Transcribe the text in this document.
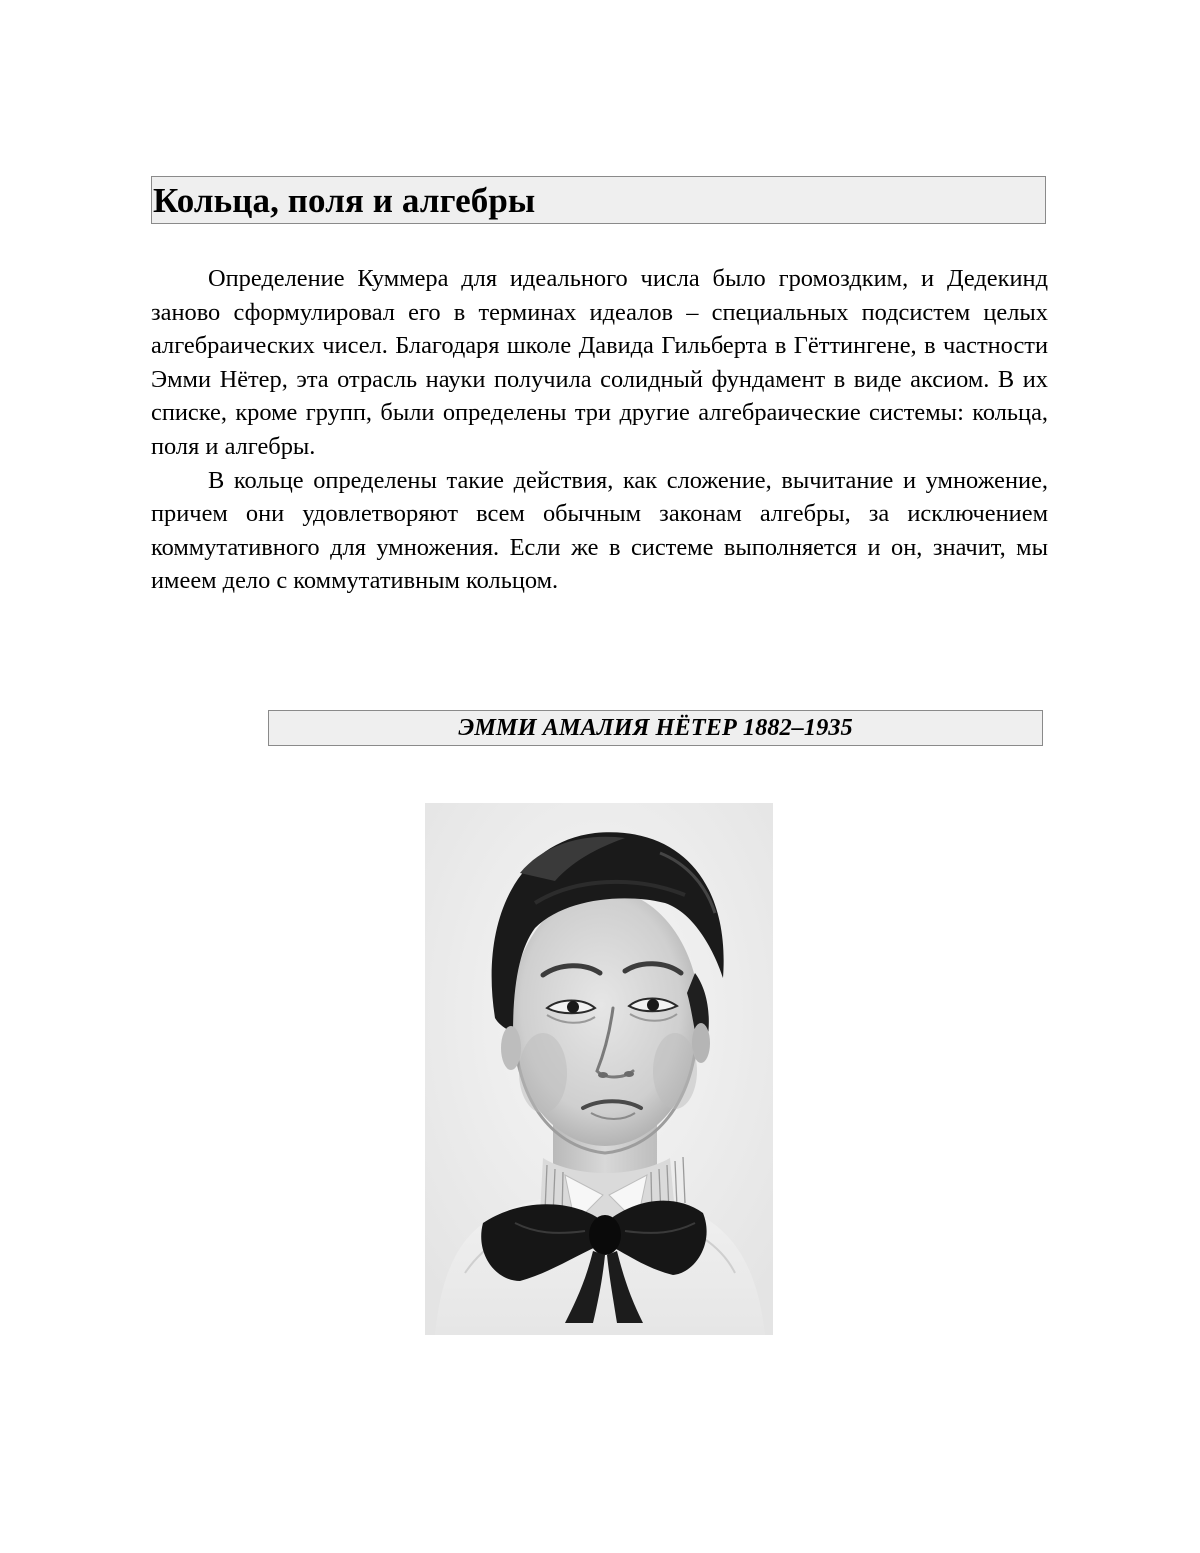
Кольца, поля и алгебры

Определение Куммера для идеального числа было громоздким, и Дедекинд заново сформулировал его в терминах идеалов – специальных подсистем целых алгебраических чисел. Благодаря школе Давида Гильберта в Гёттингене, в частности Эмми Нётер, эта отрасль науки получила солидный фундамент в виде аксиом. В их списке, кроме групп, были определены три другие алгебраические системы: кольца, поля и алгебры.

В кольце определены такие действия, как сложение, вычитание и умножение, причем они удовлетворяют всем обычным законам алгебры, за исключением коммутативного для умножения. Если же в системе выполняется и он, значит, мы имеем дело с коммутативным кольцом.

ЭММИ АМАЛИЯ НЁТЕР 1882–1935
